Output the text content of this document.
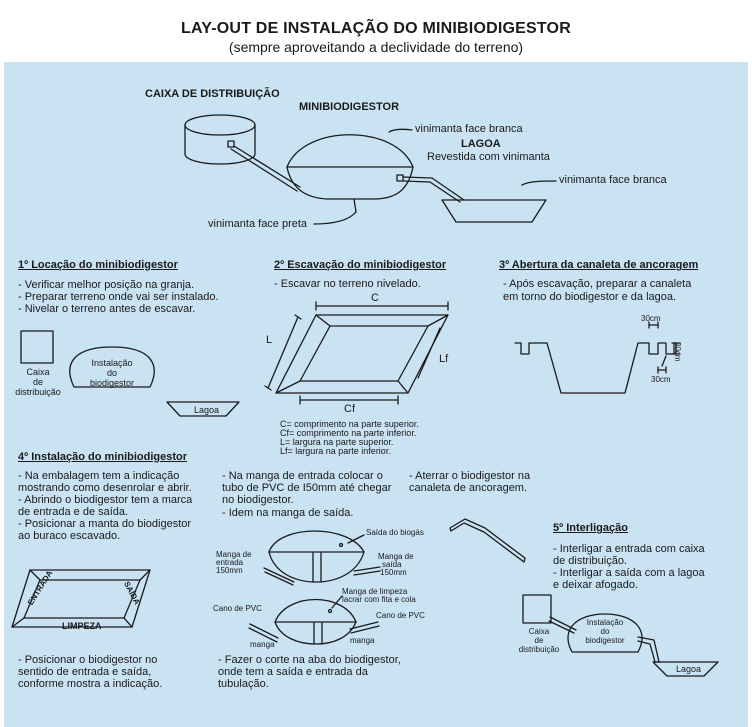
LAY-OUT DE INSTALAÇÃO DO MINIBIODIGESTOR
(sempre aproveitando a declividade do terreno)
CAIXA DE DISTRIBUIÇÃO
MINIBIODIGESTOR
vinimanta face branca
LAGOA
Revestida com vinimanta
vinimanta face branca
vinimanta face preta
1º Locação do minibiodigestor
- Verificar melhor posição na granja.
- Preparar terreno onde vai ser instalado.
- Nivelar o terreno antes de escavar.
Caixa
de
distribuição
Instalação
do
biodigestor
Lagoa
2º Escavação do minibiodigestor
- Escavar no terreno nivelado.
C
L
Lf
Cf
C= comprimento na parte superior.
Cf= comprimento na parte inferior.
L= largura na parte superior.
Lf= largura na parte inferior.
3º Abertura da canaleta de ancoragem
- Após escavação, preparar a canaleta
em torno do biodigestor e da lagoa.
30cm
30cm
30cm
4º Instalação do minibiodigestor
- Na embalagem tem a indicação
mostrando como desenrolar e abrir.
- Abrindo o biodigestor tem a marca
de entrada e de saída.
- Posicionar a manta do biodigestor
ao buraco escavado.
- Na manga de entrada colocar o
tubo de PVC de I50mm até chegar
no biodigestor.
- Idem na manga de saída.
- Aterrar o biodigestor na
canaleta de ancoragem.
ENTRADA	SAÍDA
LIMPEZA
Saída do biogás
Manga de
entrada
150mm
Manga de
saída
150mm
Manga de limpeza
lacrar com fita e cola
Cano de PVC
Cano de PVC
manga	manga
- Posicionar o biodigestor no
sentido de entrada e saída,
conforme mostra a indicação.
- Fazer o corte na aba do biodigestor,
onde tem a saída e entrada da
tubulação.
5º Interligação
- Interligar a entrada com caixa
de distribuição.
- Interligar a saída com a lagoa
e deixar afogado.
Caixa
de
distribuição
Instalação
do
biodigestor
Lagoa
